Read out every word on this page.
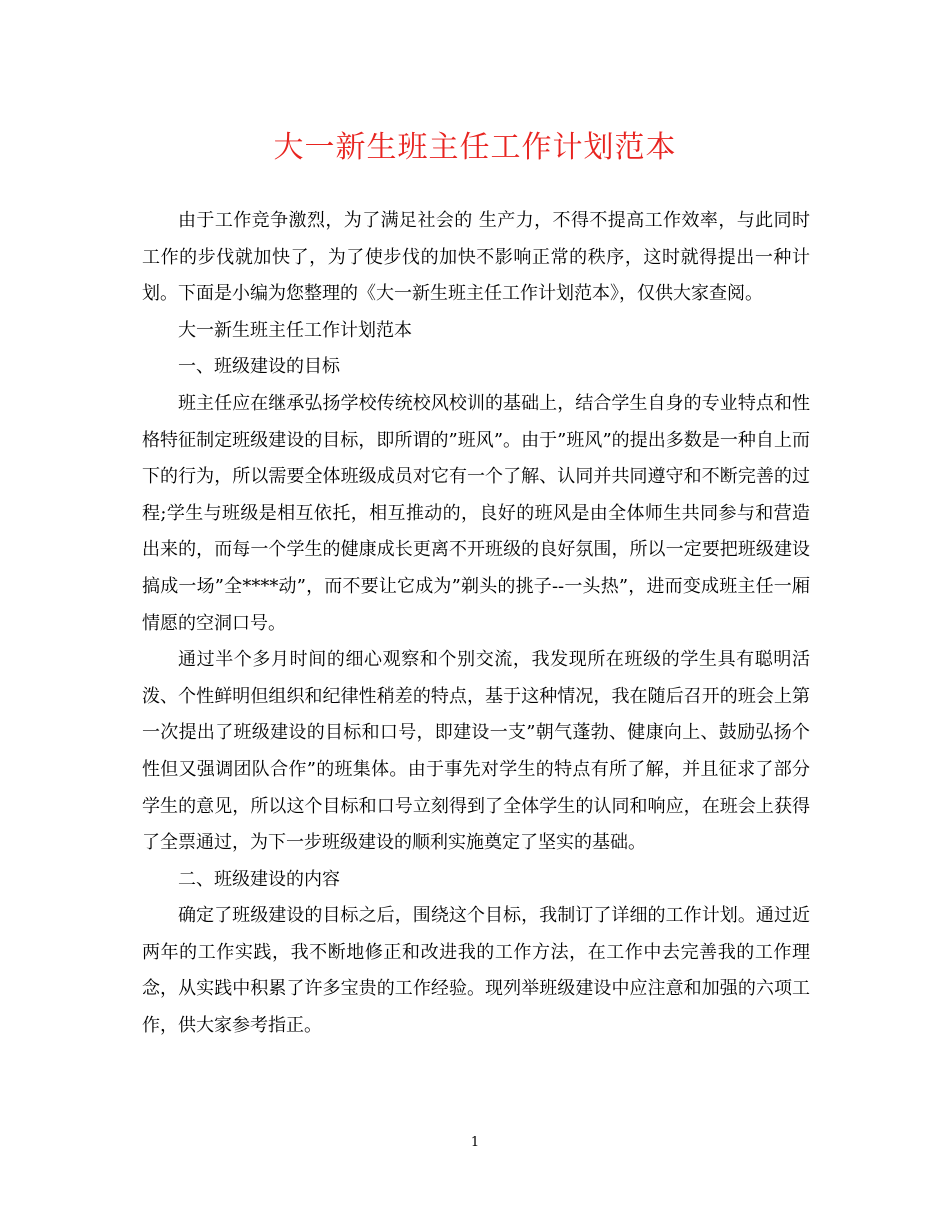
大一新生班主任工作计划范本

由于工作竞争激烈，为了满足社会的 生产力，不得不提高工作效率，与此同时工作的步伐就加快了，为了使步伐的加快不影响正常的秩序，这时就得提出一种计划。下面是小编为您整理的《大一新生班主任工作计划范本》，仅供大家查阅。

大一新生班主任工作计划范本

一、班级建设的目标

班主任应在继承弘扬学校传统校风校训的基础上，结合学生自身的专业特点和性格特征制定班级建设的目标，即所谓的”班风”。由于”班风”的提出多数是一种自上而下的行为，所以需要全体班级成员对它有一个了解、认同并共同遵守和不断完善的过程;学生与班级是相互依托，相互推动的，良好的班风是由全体师生共同参与和营造出来的，而每一个学生的健康成长更离不开班级的良好氛围，所以一定要把班级建设搞成一场”全****动”，而不要让它成为”剃头的挑子--一头热”，进而变成班主任一厢情愿的空洞口号。

通过半个多月时间的细心观察和个别交流，我发现所在班级的学生具有聪明活泼、个性鲜明但组织和纪律性稍差的特点，基于这种情况，我在随后召开的班会上第一次提出了班级建设的目标和口号，即建设一支”朝气蓬勃、健康向上、鼓励弘扬个性但又强调团队合作”的班集体。由于事先对学生的特点有所了解，并且征求了部分学生的意见，所以这个目标和口号立刻得到了全体学生的认同和响应，在班会上获得了全票通过，为下一步班级建设的顺利实施奠定了坚实的基础。

二、班级建设的内容

确定了班级建设的目标之后，围绕这个目标，我制订了详细的工作计划。通过近两年的工作实践，我不断地修正和改进我的工作方法，在工作中去完善我的工作理念，从实践中积累了许多宝贵的工作经验。现列举班级建设中应注意和加强的六项工作，供大家参考指正。

1
